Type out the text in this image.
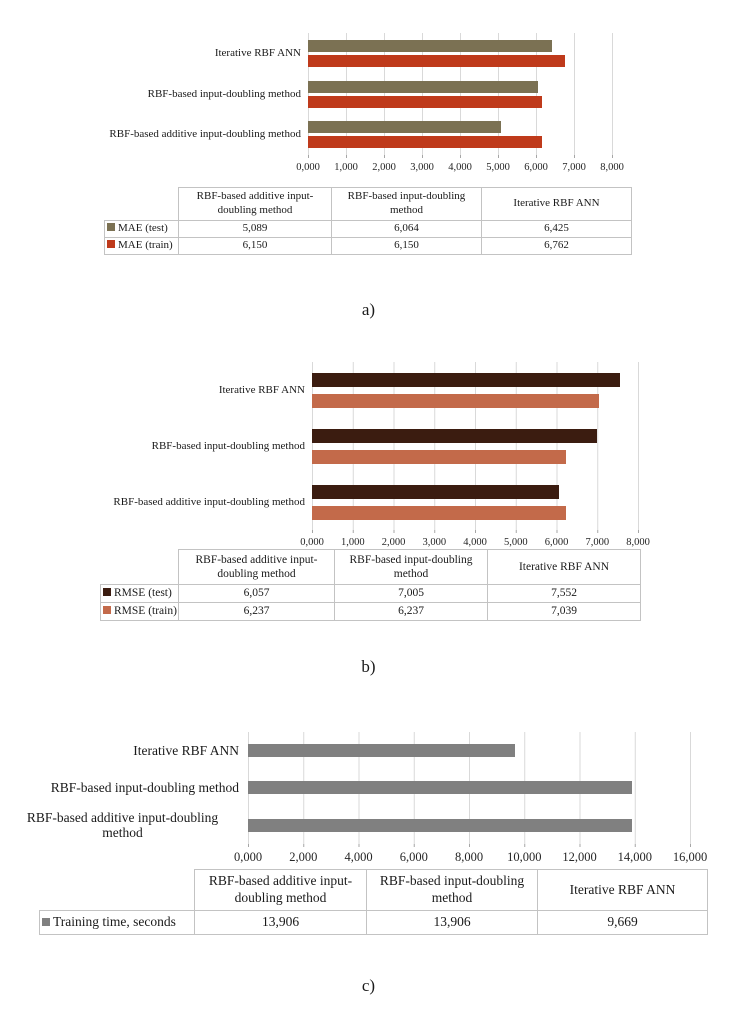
Iterative RBF ANN
RBF-based input-doubling method
RBF-based additive input-doubling method
0,000 1,000 2,000 3,000 4,000 5,000 6,000 7,000 8,000
	RBF-based additive input-doubling method	RBF-based input-doubling method	Iterative RBF ANN
MAE (test)	5,089	6,064	6,425
MAE (train)	6,150	6,150	6,762
a)
Iterative RBF ANN
RBF-based input-doubling method
RBF-based additive input-doubling method
0,000 1,000 2,000 3,000 4,000 5,000 6,000 7,000 8,000
	RBF-based additive input-doubling method	RBF-based input-doubling method	Iterative RBF ANN
RMSE (test)	6,057	7,005	7,552
RMSE (train)	6,237	6,237	7,039
b)
Iterative RBF ANN
RBF-based input-doubling method
RBF-based additive input-doubling method
0,000 2,000 4,000 6,000 8,000 10,000 12,000 14,000 16,000
	RBF-based additive input-doubling method	RBF-based input-doubling method	Iterative RBF ANN
Training time, seconds	13,906	13,906	9,669
c)
